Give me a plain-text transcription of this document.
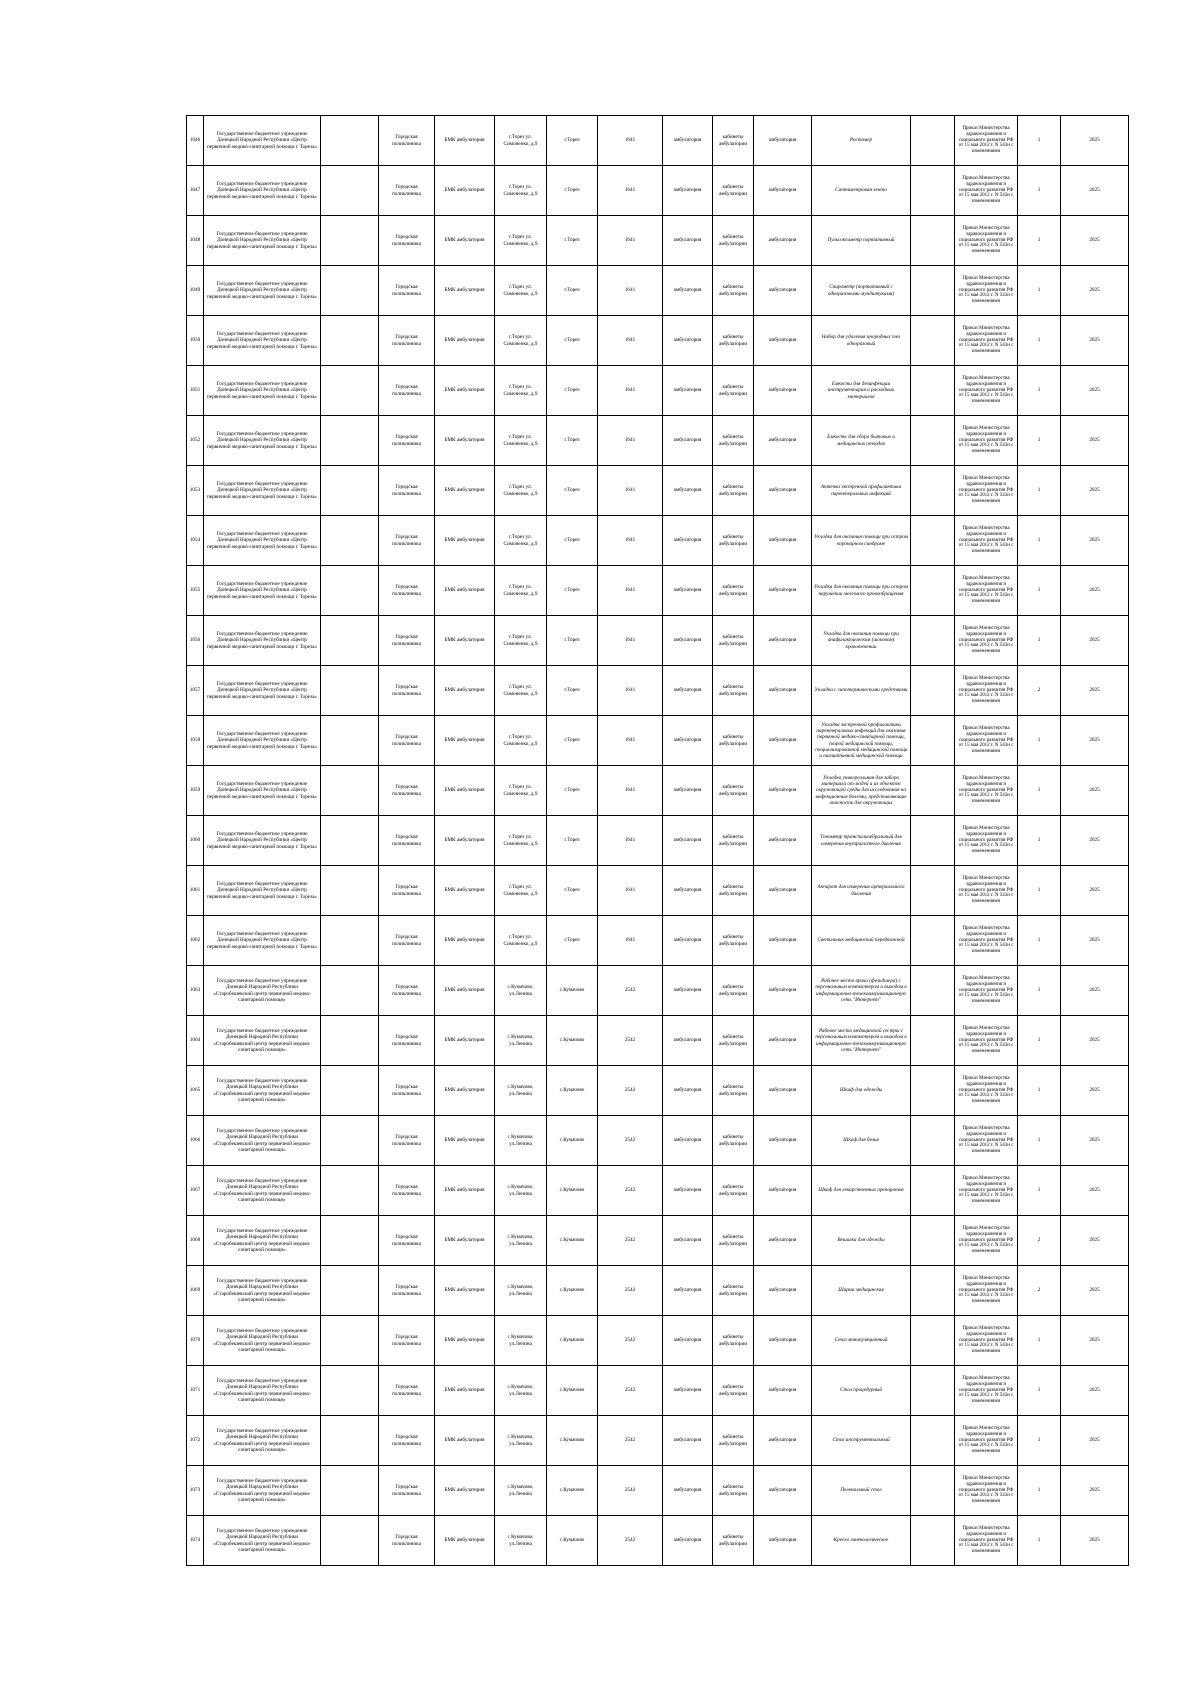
1046	Государственное бюджетное учреждение Донецкой Народной Республики «Центр первичной медико-санитарной помощи г. Тореза»		Городская поликлиника	БМК амбулатория	г.Торез ул. Симоненко, д.9	г.Торез	1641	амбулатория	кабинеты амбулатории	амбулатория	Ростомер		Приказ Министерства здравоохранения и социального развития РФ от 15 мая 2012 г. N 543н с изменениями	1	2025
1047	Государственное бюджетное учреждение Донецкой Народной Республики «Центр первичной медико-санитарной помощи г. Тореза»		Городская поликлиника	БМК амбулатория	г.Торез ул. Симоненко, д.9	г.Торез	1641	амбулатория	кабинеты амбулатории	амбулатория	Сантиметровая лента		Приказ Министерства здравоохранения и социального развития РФ от 15 мая 2012 г. N 543н с изменениями	1	2025
1048	Государственное бюджетное учреждение Донецкой Народной Республики «Центр первичной медико-санитарной помощи г. Тореза»		Городская поликлиника	БМК амбулатория	г.Торез ул. Симоненко, д.9	г.Торез	1641	амбулатория	кабинеты амбулатории	амбулатория	Пульсоксиметр портативный		Приказ Министерства здравоохранения и социального развития РФ от 15 мая 2012 г. N 543н с изменениями	1	2025
1049	Государственное бюджетное учреждение Донецкой Народной Республики «Центр первичной медико-санитарной помощи г. Тореза»		Городская поликлиника	БМК амбулатория	г.Торез ул. Симоненко, д.9	г.Торез	1641	амбулатория	кабинеты амбулатории	амбулатория	Спирометр (портативный с одноразовыми мундштуками)		Приказ Министерства здравоохранения и социального развития РФ от 15 мая 2012 г. N 543н с изменениями	1	2025
1050	Государственное бюджетное учреждение Донецкой Народной Республики «Центр первичной медико-санитарной помощи г. Тореза»		Городская поликлиника	БМК амбулатория	г.Торез ул. Симоненко, д.9	г.Торез	1641	амбулатория	кабинеты амбулатории	амбулатория	Набор для удаления инородных тел одноразовый		Приказ Министерства здравоохранения и социального развития РФ от 15 мая 2012 г. N 543н с изменениями	1	2025
1051	Государственное бюджетное учреждение Донецкой Народной Республики «Центр первичной медико-санитарной помощи г. Тореза»		Городская поликлиника	БМК амбулатория	г.Торез ул. Симоненко, д.9	г.Торез	1641	амбулатория	кабинеты амбулатории	амбулатория	Емкости для дезинфекции инструментария и расходных материалов		Приказ Министерства здравоохранения и социального развития РФ от 15 мая 2012 г. N 543н с изменениями	1	2025
1052	Государственное бюджетное учреждение Донецкой Народной Республики «Центр первичной медико-санитарной помощи г. Тореза»		Городская поликлиника	БМК амбулатория	г.Торез ул. Симоненко, д.9	г.Торез	1641	амбулатория	кабинеты амбулатории	амбулатория	Емкость для сбора бытовых и медицинских отходов		Приказ Министерства здравоохранения и социального развития РФ от 15 мая 2012 г. N 543н с изменениями	1	2025
1053	Государственное бюджетное учреждение Донецкой Народной Республики «Центр первичной медико-санитарной помощи г. Тореза»		Городская поликлиника	БМК амбулатория	г.Торез ул. Симоненко, д.9	г.Торез	1641	амбулатория	кабинеты амбулатории	амбулатория	Аптечка экстренной профилактики парентеральных инфекций		Приказ Министерства здравоохранения и социального развития РФ от 15 мая 2012 г. N 543н с изменениями	1	2025
1054	Государственное бюджетное учреждение Донецкой Народной Республики «Центр первичной медико-санитарной помощи г. Тореза»		Городская поликлиника	БМК амбулатория	г.Торез ул. Симоненко, д.9	г.Торез	1641	амбулатория	кабинеты амбулатории	амбулатория	Укладка для оказания помощи при остром коронарном синдроме		Приказ Министерства здравоохранения и социального развития РФ от 15 мая 2012 г. N 543н с изменениями	1	2025
1055	Государственное бюджетное учреждение Донецкой Народной Республики «Центр первичной медико-санитарной помощи г. Тореза»		Городская поликлиника	БМК амбулатория	г.Торез ул. Симоненко, д.9	г.Торез	1641	амбулатория	кабинеты амбулатории	амбулатория	Укладка для оказания помощи при остром нарушении мозгового кровообращения		Приказ Министерства здравоохранения и социального развития РФ от 15 мая 2012 г. N 543н с изменениями	1	2025
1056	Государственное бюджетное учреждение Донецкой Народной Республики «Центр первичной медико-санитарной помощи г. Тореза»		Городская поликлиника	БМК амбулатория	г.Торез ул. Симоненко, д.9	г.Торез	1641	амбулатория	кабинеты амбулатории	амбулатория	Укладка для оказания помощи при анафилактическом (шоковом) кровотечении		Приказ Министерства здравоохранения и социального развития РФ от 15 мая 2012 г. N 543н с изменениями	1	2025
1057	Государственное бюджетное учреждение Донецкой Народной Республики «Центр первичной медико-санитарной помощи г. Тореза»		Городская поликлиника	БМК амбулатория	г.Торез ул. Симоненко, д.9	г.Торез	1641	амбулатория	кабинеты амбулатории	амбулатория	Укладка с гипотермическими средствами		Приказ Министерства здравоохранения и социального развития РФ от 15 мая 2012 г. N 543н с изменениями	2	2025
1058	Государственное бюджетное учреждение Донецкой Народной Республики «Центр первичной медико-санитарной помощи г. Тореза»		Городская поликлиника	БМК амбулатория	г.Торез ул. Симоненко, д.9	г.Торез	1641	амбулатория	кабинеты амбулатории	амбулатория	Укладка экстренной профилактики парентеральных инфекций для оказания первичной медико-санитарной помощи, скорой медицинской помощи, специализированной медицинской помощи и паллиативной медицинской помощи		Приказ Министерства здравоохранения и социального развития РФ от 15 мая 2012 г. N 543н с изменениями	1	2025
1059	Государственное бюджетное учреждение Донецкой Народной Республики «Центр первичной медико-санитарной помощи г. Тореза»		Городская поликлиника	БМК амбулатория	г.Торез ул. Симоненко, д.9	г.Торез	1641	амбулатория	кабинеты амбулатории	амбулатория	Укладка универсальная для забора материала от людей и из объектов окружающей среды для исследования на инфекционные болезни, представляющие опасность для окружающих		Приказ Министерства здравоохранения и социального развития РФ от 15 мая 2012 г. N 543н с изменениями	1	2025
1060	Государственное бюджетное учреждение Донецкой Народной Республики «Центр первичной медико-санитарной помощи г. Тореза»		Городская поликлиника	БМК амбулатория	г.Торез ул. Симоненко, д.9	г.Торез	1641	амбулатория	кабинеты амбулатории	амбулатория	Тонометр транспальпебральный для измерения внутриглазного давления		Приказ Министерства здравоохранения и социального развития РФ от 15 мая 2012 г. N 543н с изменениями	1	2025
1061	Государственное бюджетное учреждение Донецкой Народной Республики «Центр первичной медико-санитарной помощи г. Тореза»		Городская поликлиника	БМК амбулатория	г.Торез ул. Симоненко, д.9	г.Торез	1641	амбулатория	кабинеты амбулатории	амбулатория	Аппарат для измерения артериального давления		Приказ Министерства здравоохранения и социального развития РФ от 15 мая 2012 г. N 543н с изменениями	1	2025
1062	Государственное бюджетное учреждение Донецкой Народной Республики «Центр первичной медико-санитарной помощи г. Тореза»		Городская поликлиника	БМК амбулатория	г.Торез ул. Симоненко, д.9	г.Торез	1641	амбулатория	кабинеты амбулатории	амбулатория	Светильник медицинский передвижной		Приказ Министерства здравоохранения и социального развития РФ от 15 мая 2012 г. N 543н с изменениями	1	2025
1063	Государственное бюджетное учреждение Донецкой Народной Республики «Старобешевский центр первичной медико-санитарной помощи»		Городская поликлиника	БМК амбулатория	с.Кумачово, ул.Ленина	с.Кумачово	2542	амбулатория	кабинеты амбулатории	амбулатория	Рабочее место врача (фельдшера) с персональным компьютером и выходом в информационно-телекоммуникационную сеть "Интернет"		Приказ Министерства здравоохранения и социального развития РФ от 15 мая 2012 г. N 543н с изменениями	1	2025
1064	Государственное бюджетное учреждение Донецкой Народной Республики «Старобешевский центр первичной медико-санитарной помощи»		Городская поликлиника	БМК амбулатория	с.Кумачово, ул.Ленина	с.Кумачово	2542	амбулатория	кабинеты амбулатории	амбулатория	Рабочее место медицинской сестры с персональным компьютером и выходом в информационно-телекоммуникационную сеть "Интернет"		Приказ Министерства здравоохранения и социального развития РФ от 15 мая 2012 г. N 543н с изменениями	1	2025
1065	Государственное бюджетное учреждение Донецкой Народной Республики «Старобешевский центр первичной медико-санитарной помощи»		Городская поликлиника	БМК амбулатория	с.Кумачово, ул.Ленина	с.Кумачово	2542	амбулатория	кабинеты амбулатории	амбулатория	Шкаф для одежды		Приказ Министерства здравоохранения и социального развития РФ от 15 мая 2012 г. N 543н с изменениями	1	2025
1066	Государственное бюджетное учреждение Донецкой Народной Республики «Старобешевский центр первичной медико-санитарной помощи»		Городская поликлиника	БМК амбулатория	с.Кумачово, ул.Ленина	с.Кумачово	2542	амбулатория	кабинеты амбулатории	амбулатория	Шкаф для белья		Приказ Министерства здравоохранения и социального развития РФ от 15 мая 2012 г. N 543н с изменениями	1	2025
1067	Государственное бюджетное учреждение Донецкой Народной Республики «Старобешевский центр первичной медико-санитарной помощи»		Городская поликлиника	БМК амбулатория	с.Кумачово, ул.Ленина	с.Кумачово	2542	амбулатория	кабинеты амбулатории	амбулатория	Шкаф для лекарственных препаратов		Приказ Министерства здравоохранения и социального развития РФ от 15 мая 2012 г. N 543н с изменениями	1	2025
1068	Государственное бюджетное учреждение Донецкой Народной Республики «Старобешевский центр первичной медико-санитарной помощи»		Городская поликлиника	БМК амбулатория	с.Кумачово, ул.Ленина	с.Кумачово	2542	амбулатория	кабинеты амбулатории	амбулатория	Вешалка для одежды		Приказ Министерства здравоохранения и социального развития РФ от 15 мая 2012 г. N 543н с изменениями	2	2025
1069	Государственное бюджетное учреждение Донецкой Народной Республики «Старобешевский центр первичной медико-санитарной помощи»		Городская поликлиника	БМК амбулатория	с.Кумачово, ул.Ленина	с.Кумачово	2542	амбулатория	кабинеты амбулатории	амбулатория	Ширма медицинская		Приказ Министерства здравоохранения и социального развития РФ от 15 мая 2012 г. N 543н с изменениями	2	2025
1070	Государственное бюджетное учреждение Донецкой Народной Республики «Старобешевский центр первичной медико-санитарной помощи»		Городская поликлиника	БМК амбулатория	с.Кумачово, ул.Ленина	с.Кумачово	2542	амбулатория	кабинеты амбулатории	амбулатория	Стол манипуляционный		Приказ Министерства здравоохранения и социального развития РФ от 15 мая 2012 г. N 543н с изменениями	1	2025
1071	Государственное бюджетное учреждение Донецкой Народной Республики «Старобешевский центр первичной медико-санитарной помощи»		Городская поликлиника	БМК амбулатория	с.Кумачово, ул.Ленина	с.Кумачово	2542	амбулатория	кабинеты амбулатории	амбулатория	Стол процедурный		Приказ Министерства здравоохранения и социального развития РФ от 15 мая 2012 г. N 543н с изменениями	1	2025
1072	Государственное бюджетное учреждение Донецкой Народной Республики «Старобешевский центр первичной медико-санитарной помощи»		Городская поликлиника	БМК амбулатория	с.Кумачово, ул.Ленина	с.Кумачово	2542	амбулатория	кабинеты амбулатории	амбулатория	Стол инструментальный		Приказ Министерства здравоохранения и социального развития РФ от 15 мая 2012 г. N 543н с изменениями	1	2025
1073	Государственное бюджетное учреждение Донецкой Народной Республики «Старобешевский центр первичной медико-санитарной помощи»		Городская поликлиника	БМК амбулатория	с.Кумачово, ул.Ленина	с.Кумачово	2542	амбулатория	кабинеты амбулатории	амбулатория	Пеленальный стол		Приказ Министерства здравоохранения и социального развития РФ от 15 мая 2012 г. N 543н с изменениями	1	2025
1074	Государственное бюджетное учреждение Донецкой Народной Республики «Старобешевский центр первичной медико-санитарной помощи»		Городская поликлиника	БМК амбулатория	с.Кумачово, ул.Ленина	с.Кумачово	2542	амбулатория	кабинеты амбулатории	амбулатория	Кресло гинекологическое		Приказ Министерства здравоохранения и социального развития РФ от 15 мая 2012 г. N 543н с изменениями	1	2025
